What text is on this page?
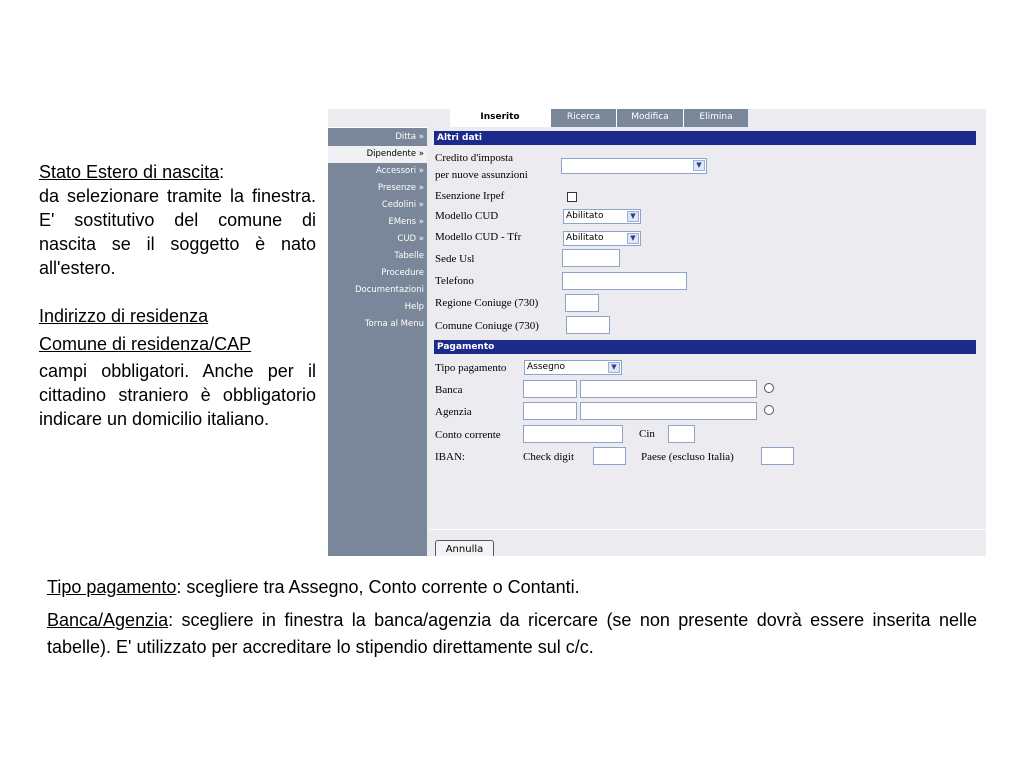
Stato Estero di nascita:

da selezionare tramite la finestra. E' sostitutivo del comune di nascita se il soggetto è nato all'estero.

Indirizzo di residenza

Comune di residenza/CAP

campi obbligatori. Anche per il cittadino straniero è obbligatorio indicare un domicilio italiano.

Inserito	Ricerca	Modifica	Elimina
Ditta »
Dipendente »
Accessori »
Presenze »
Cedolini »
EMens »
CUD »
Tabelle
Procedure
Documentazioni
Help
Torna al Menu
Altri dati
Credito d'imposta
per nuove assunzioni
▼
Esenzione Irpef
Modello CUD	Abilitato	▼
Modello CUD - Tfr	Abilitato	▼
Sede Usl
Telefono
Regione Coniuge (730)
Comune Coniuge (730)
Pagamento
Tipo pagamento	Assegno	▼
Banca
Agenzia
Conto corrente	Cin
IBAN:	Check digit	Paese (escluso Italia)
Annulla

Tipo pagamento: scegliere tra Assegno, Conto corrente o Contanti.

Banca/Agenzia: scegliere in finestra la banca/agenzia da ricercare (se non presente dovrà essere inserita nelle tabelle). E' utilizzato per accreditare lo stipendio direttamente sul c/c.
